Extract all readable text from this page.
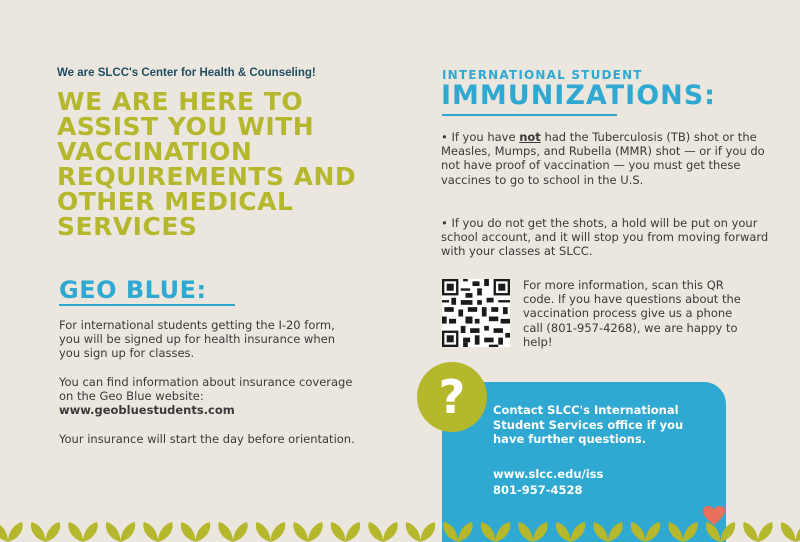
We are SLCC's Center for Health & Counseling!
WE ARE HERE TO ASSIST YOU WITH VACCINATION REQUIREMENTS AND OTHER MEDICAL SERVICES
GEO BLUE:
For international students getting the I-20 form, you will be signed up for health insurance when you sign up for classes.
You can find information about insurance coverage on the Geo Blue website:
www.geobluestudents.com
Your insurance will start the day before orientation.
INTERNATIONAL STUDENT
IMMUNIZATIONS:
• If you have not had the Tuberculosis (TB) shot or the Measles, Mumps, and Rubella (MMR) shot — or if you do not have proof of vaccination — you must get these vaccines to go to school in the U.S.
• If you do not get the shots, a hold will be put on your school account, and it will stop you from moving forward with your classes at SLCC.
For more information, scan this QR code. If you have questions about the vaccination process give us a phone call (801-957-4268), we are happy to help!
?	Contact SLCC's International Student Services office if you have further questions.
www.slcc.edu/iss
801-957-4528
